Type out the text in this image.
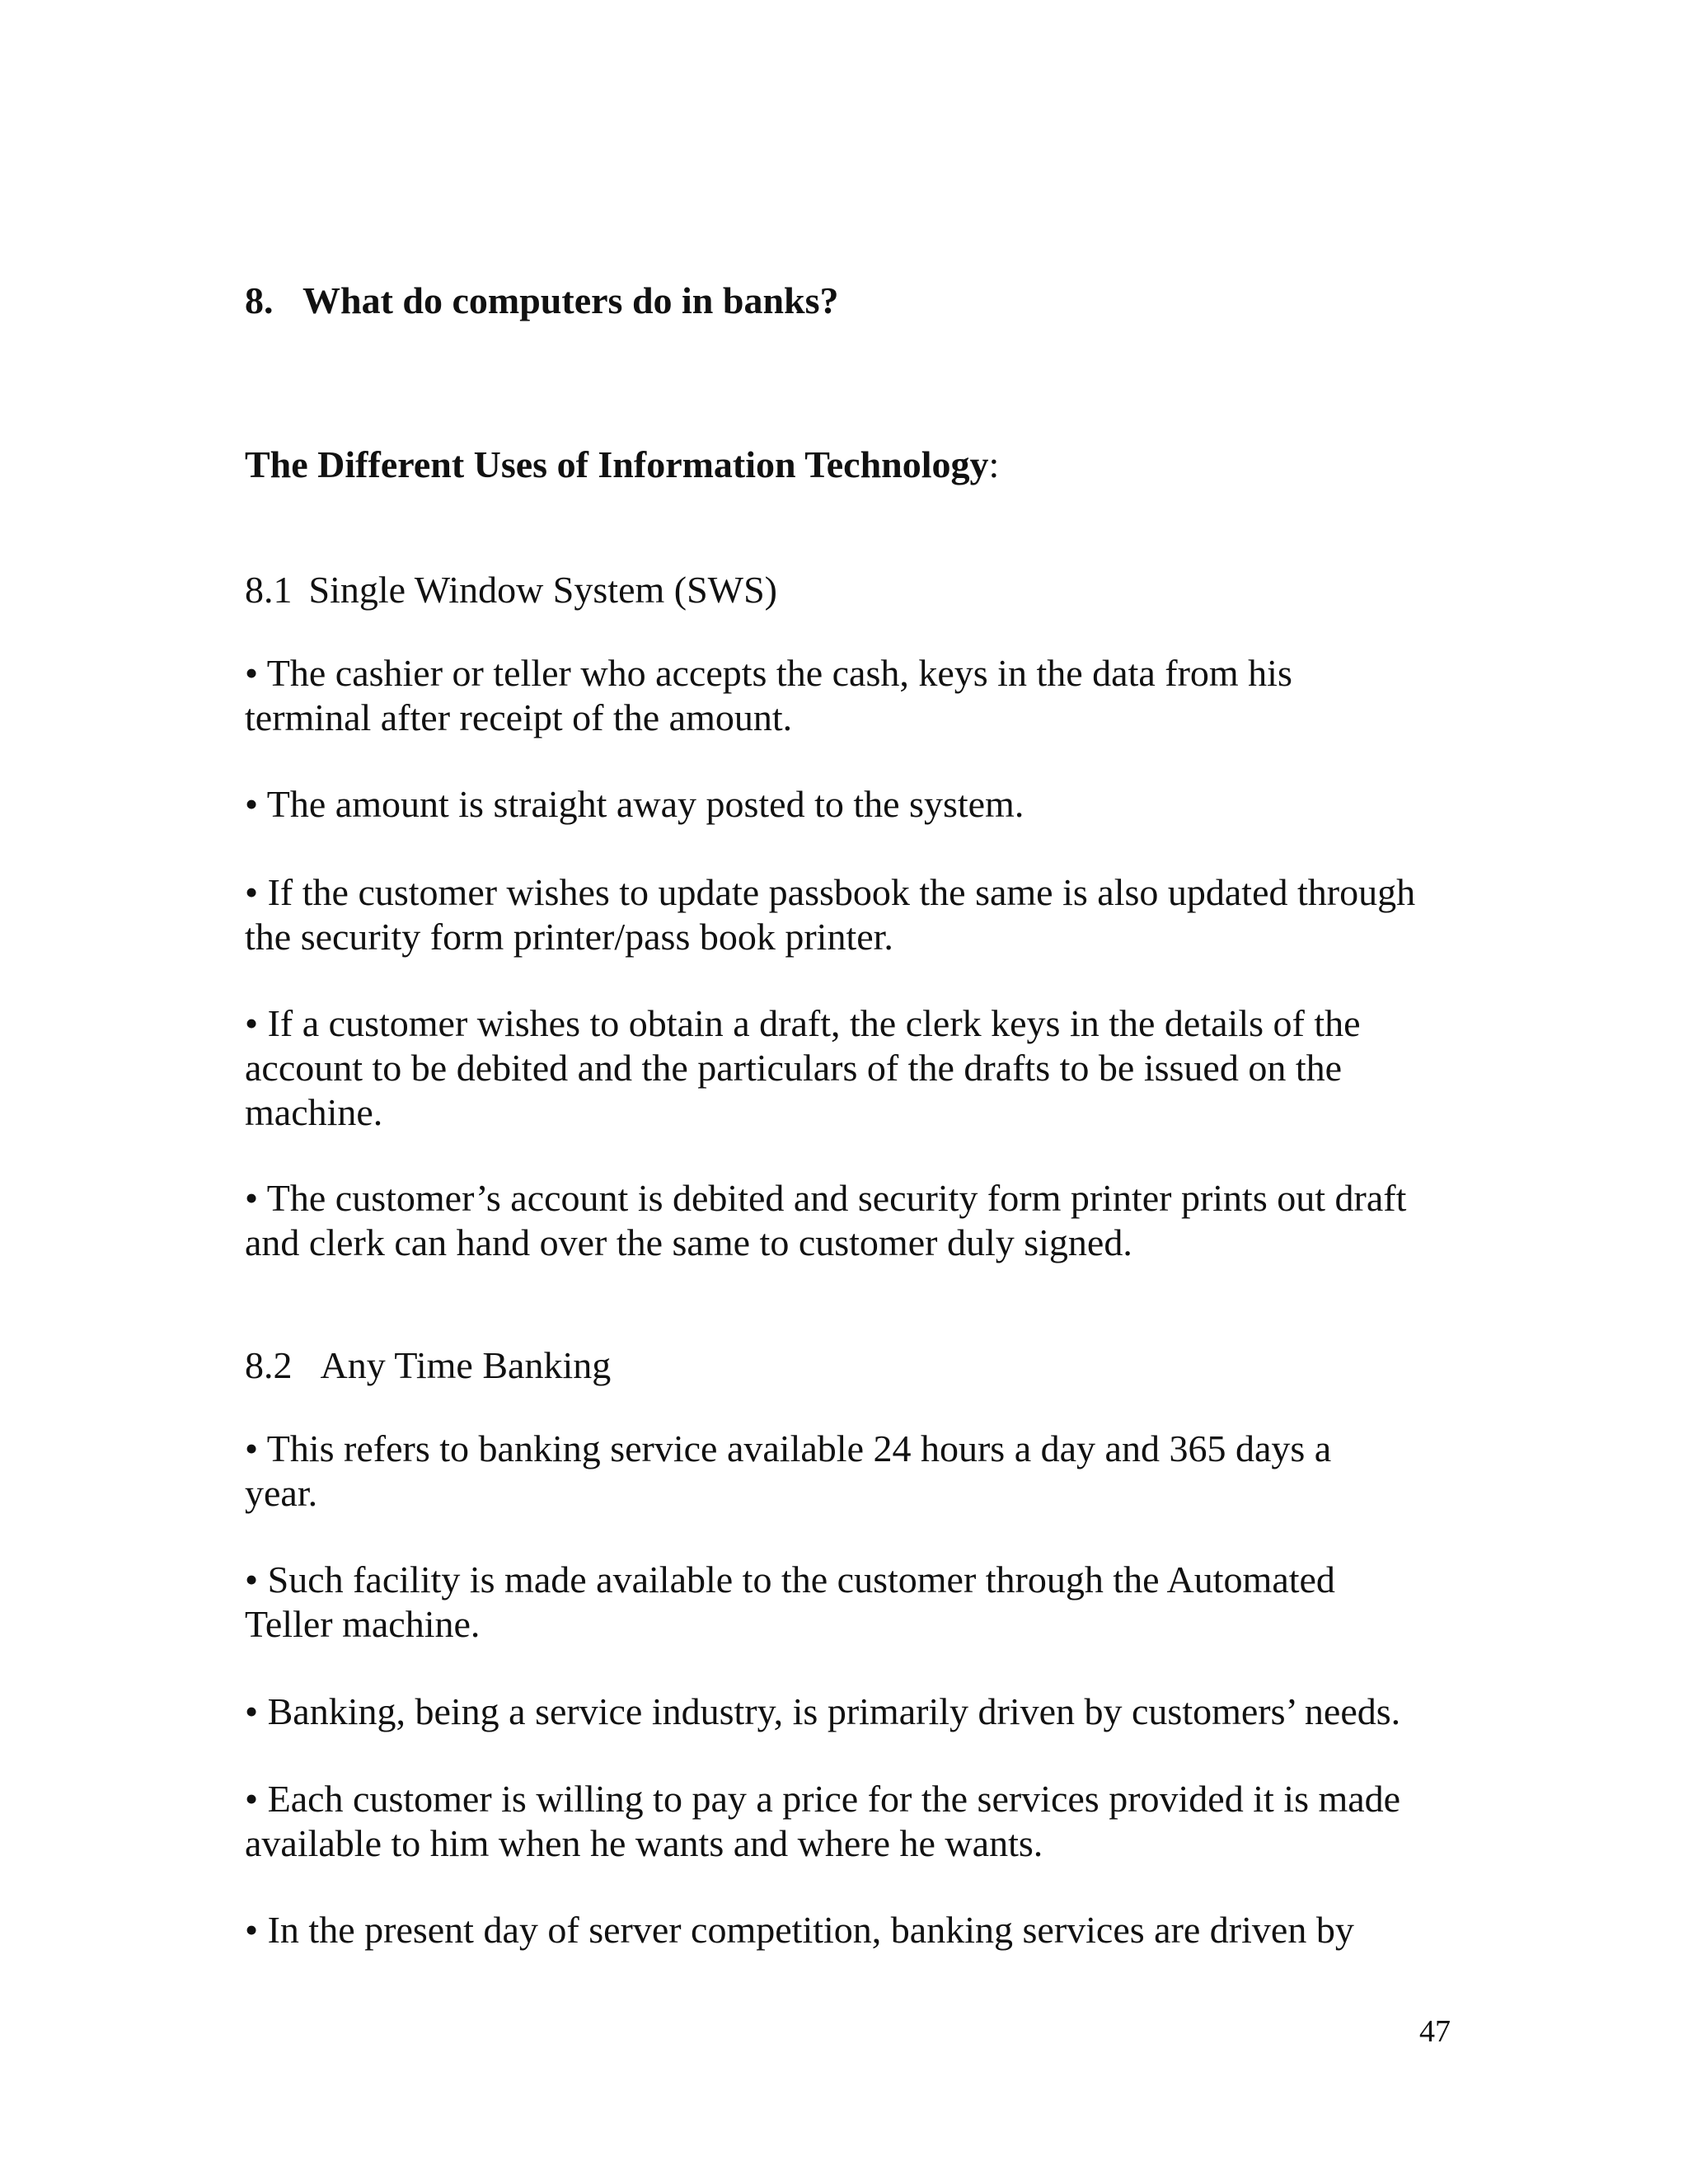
8. What do computers do in banks?

The Different Uses of Information Technology:

8.1 Single Window System (SWS)

• The cashier or teller who accepts the cash, keys in the data from his
terminal after receipt of the amount.
• The amount is straight away posted to the system.
• If the customer wishes to update passbook the same is also updated through
the security form printer/pass book printer.
• If a customer wishes to obtain a draft, the clerk keys in the details of the
account to be debited and the particulars of the drafts to be issued on the
machine.
• The customer’s account is debited and security form printer prints out draft
and clerk can hand over the same to customer duly signed.

8.2 Any Time Banking

• This refers to banking service available 24 hours a day and 365 days a
year.
• Such facility is made available to the customer through the Automated
Teller machine.
• Banking, being a service industry, is primarily driven by customers’ needs.
• Each customer is willing to pay a price for the services provided it is made
available to him when he wants and where he wants.
• In the present day of server competition, banking services are driven by
47
